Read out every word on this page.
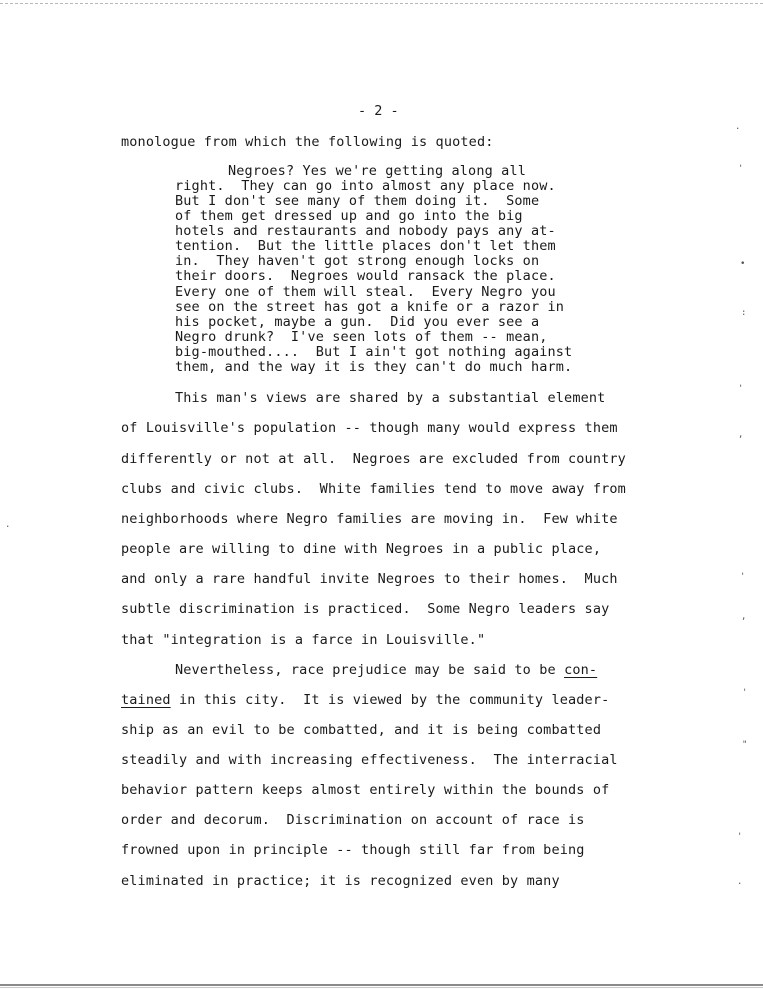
- 2 -
monologue from which the following is quoted:
Negroes? Yes we're getting along all
right.  They can go into almost any place now.
But I don't see many of them doing it.  Some
of them get dressed up and go into the big
hotels and restaurants and nobody pays any at-
tention.  But the little places don't let them
in.  They haven't got strong enough locks on
their doors.  Negroes would ransack the place.
Every one of them will steal.  Every Negro you
see on the street has got a knife or a razor in
his pocket, maybe a gun.  Did you ever see a
Negro drunk?  I've seen lots of them -- mean,
big-mouthed....  But I ain't got nothing against
them, and the way it is they can't do much harm.
This man's views are shared by a substantial element
of Louisville's population -- though many would express them
differently or not at all.  Negroes are excluded from country
clubs and civic clubs.  White families tend to move away from
neighborhoods where Negro families are moving in.  Few white
people are willing to dine with Negroes in a public place,
and only a rare handful invite Negroes to their homes.  Much
subtle discrimination is practiced.  Some Negro leaders say
that "integration is a farce in Louisville."
Nevertheless, race prejudice may be said to be con-
tained in this city.  It is viewed by the community leader-
ship as an evil to be combatted, and it is being combatted
steadily and with increasing effectiveness.  The interracial
behavior pattern keeps almost entirely within the bounds of
order and decorum.  Discrimination on account of race is
frowned upon in principle -- though still far from being
eliminated in practice; it is recognized even by many
.
'
•
:
'
,
'
,
'
"
'
.
.
